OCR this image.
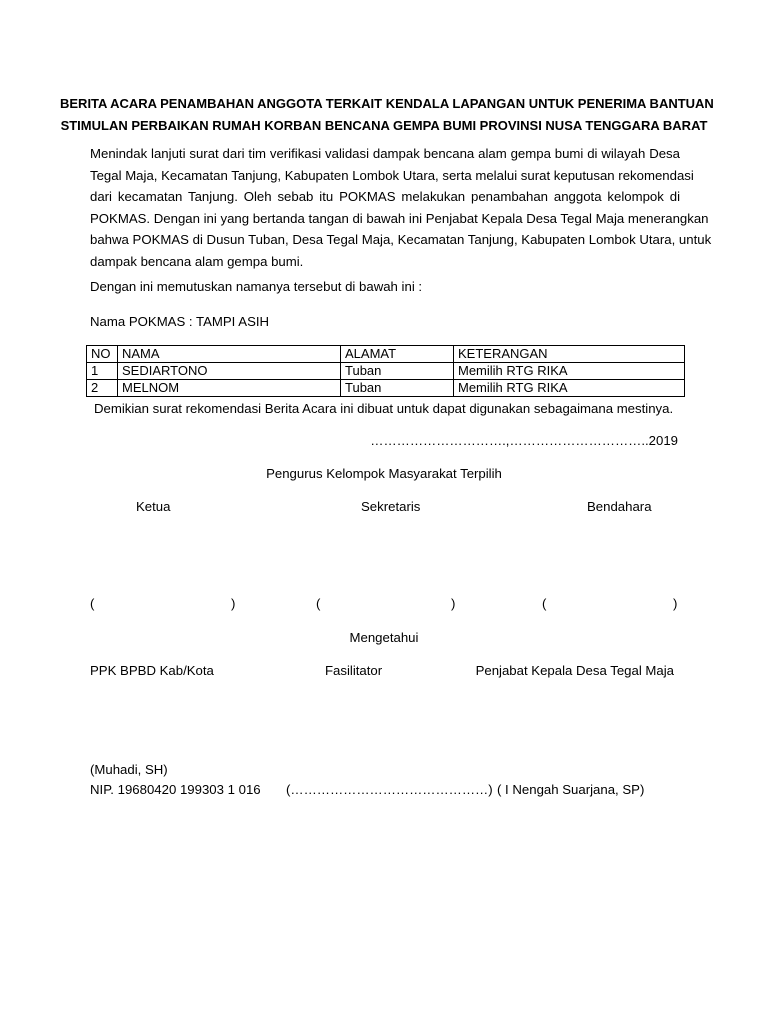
BERITA ACARA PENAMBAHAN ANGGOTA TERKAIT KENDALA LAPANGAN UNTUK PENERIMA BANTUAN
STIMULAN PERBAIKAN RUMAH KORBAN BENCANA GEMPA BUMI PROVINSI NUSA TENGGARA BARAT
Menindak lanjuti surat dari tim verifikasi validasi dampak bencana alam gempa bumi di wilayah Desa
Tegal Maja, Kecamatan Tanjung, Kabupaten Lombok Utara, serta melalui surat keputusan rekomendasi
dari kecamatan Tanjung. Oleh sebab itu POKMAS melakukan penambahan anggota kelompok di
POKMAS. Dengan ini yang bertanda tangan di bawah ini Penjabat Kepala Desa Tegal Maja menerangkan
bahwa POKMAS di Dusun Tuban, Desa Tegal Maja, Kecamatan Tanjung, Kabupaten Lombok Utara, untuk
dampak bencana alam gempa bumi.
Dengan ini memutuskan namanya tersebut di bawah ini :
Nama POKMAS : TAMPI ASIH
NO	NAMA	ALAMAT	KETERANGAN
1	SEDIARTONO	Tuban	Memilih RTG RIKA
2	MELNOM	Tuban	Memilih RTG RIKA
Demikian surat rekomendasi Berita Acara ini dibuat untuk dapat digunakan sebagaimana mestinya.
………………………….,…………………………..2019
Pengurus Kelompok Masyarakat Terpilih
Ketua	Sekretaris	Bendahara
(	)	(	)	(	)
Mengetahui
PPK BPBD Kab/Kota	Fasilitator	Penjabat Kepala Desa Tegal Maja
(Muhadi, SH)
NIP. 19680420 199303 1 016 (………………………………………) ( I Nengah Suarjana, SP)
